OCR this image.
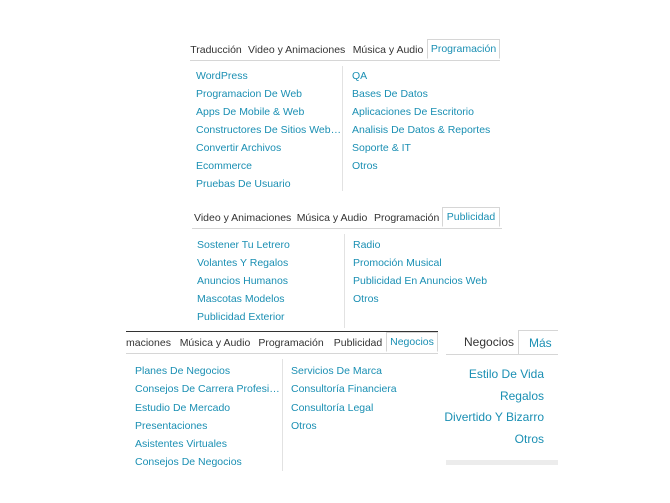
Traducción Video y Animaciones Música y Audio Programación
WordPress
Programacion De Web
Apps De Mobile & Web
Constructores De Sitios Web…
Convertir Archivos
Ecommerce
Pruebas De Usuario
QA
Bases De Datos
Aplicaciones De Escritorio
Analisis De Datos & Reportes
Soporte & IT
Otros
Video y Animaciones Música y Audio Programación Publicidad
Sostener Tu Letrero
Volantes Y Regalos
Anuncios Humanos
Mascotas Modelos
Publicidad Exterior
Radio
Promoción Musical
Publicidad En Anuncios Web
Otros
maciones Música y Audio Programación Publicidad Negocios
Planes De Negocios
Consejos De Carrera Profesi…
Estudio De Mercado
Presentaciones
Asistentes Virtuales
Consejos De Negocios
Servicios De Marca
Consultoría Financiera
Consultoría Legal
Otros
Negocios	Más
Estilo De Vida
Regalos
Divertido Y Bizarro
Otros
